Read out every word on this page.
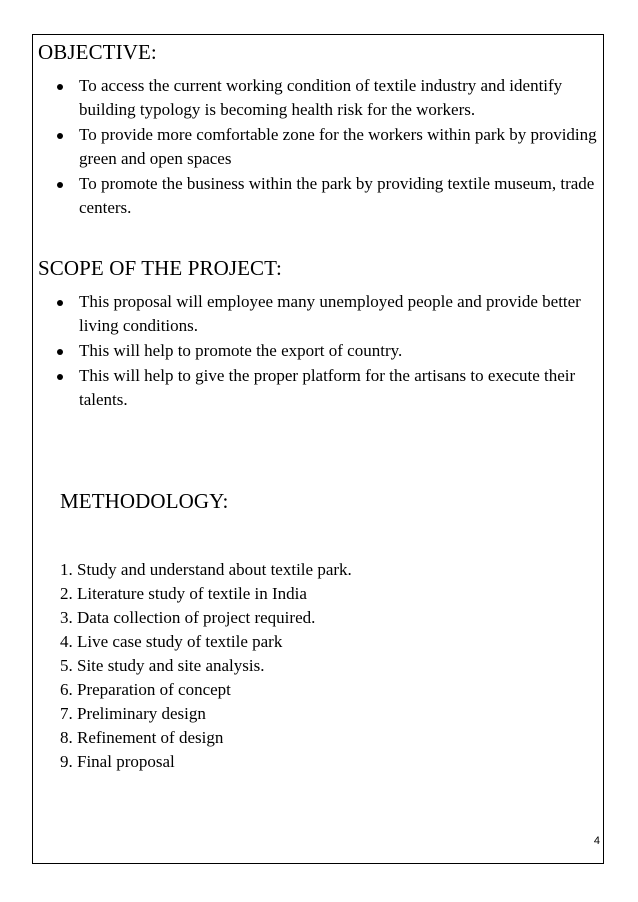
OBJECTIVE:
To access the current working condition of textile industry and identify building typology is becoming health risk for the workers.
To provide more comfortable zone for the workers within park by providing green and open spaces
To promote the business within the park by providing textile museum, trade centers.
SCOPE OF THE PROJECT:
This proposal will employee many unemployed people and provide better living conditions.
This will help to promote the export of country.
This will help to give the proper platform for the artisans to execute their talents.
METHODOLOGY:
1. Study and understand about textile park.
2. Literature study of textile in India
3. Data collection of project required.
4. Live case study of textile park
5. Site study and site analysis.
6. Preparation of concept
7. Preliminary design
8. Refinement of design
9. Final proposal
4
